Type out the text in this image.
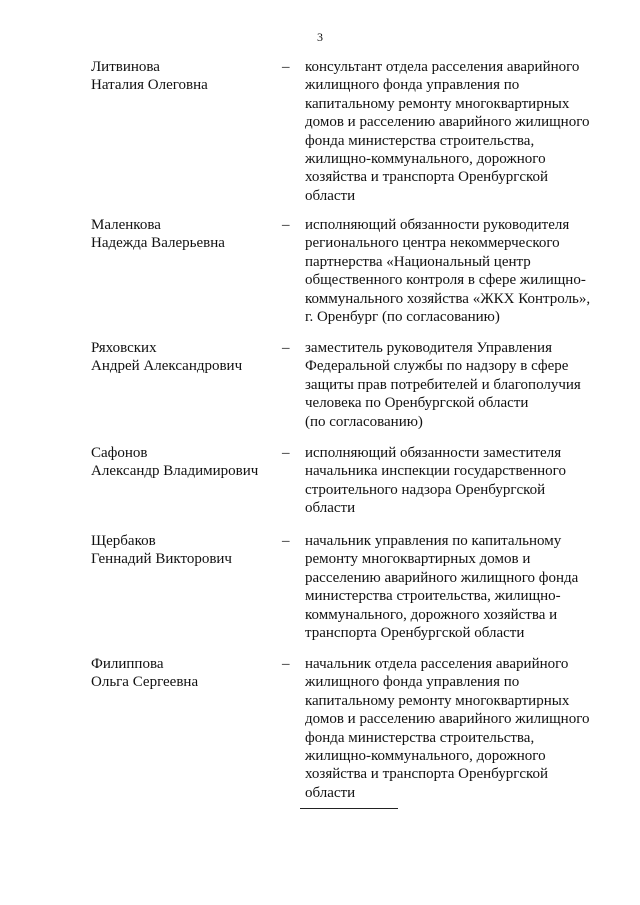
3
Литвинова
Наталия Олеговна
– консультант отдела расселения аварийного
жилищного фонда управления по
капитальному ремонту многоквартирных
домов и расселению аварийного жилищного
фонда министерства строительства,
жилищно-коммунального, дорожного
хозяйства и транспорта Оренбургской
области
Маленкова
Надежда Валерьевна
– исполняющий обязанности руководителя
регионального центра некоммерческого
партнерства «Национальный центр
общественного контроля в сфере жилищно-
коммунального хозяйства «ЖКХ Контроль»,
г. Оренбург (по согласованию)
Ряховских
Андрей Александрович
– заместитель руководителя Управления
Федеральной службы по надзору в сфере
защиты прав потребителей и благополучия
человека по Оренбургской области
(по согласованию)
Сафонов
Александр Владимирович
– исполняющий обязанности заместителя
начальника инспекции государственного
строительного надзора Оренбургской
области
Щербаков
Геннадий Викторович
– начальник управления по капитальному
ремонту многоквартирных домов и
расселению аварийного жилищного фонда
министерства строительства, жилищно-
коммунального, дорожного хозяйства и
транспорта Оренбургской области
Филиппова
Ольга Сергеевна
– начальник отдела расселения аварийного
жилищного фонда управления по
капитальному ремонту многоквартирных
домов и расселению аварийного жилищного
фонда министерства строительства,
жилищно-коммунального, дорожного
хозяйства и транспорта Оренбургской
области
